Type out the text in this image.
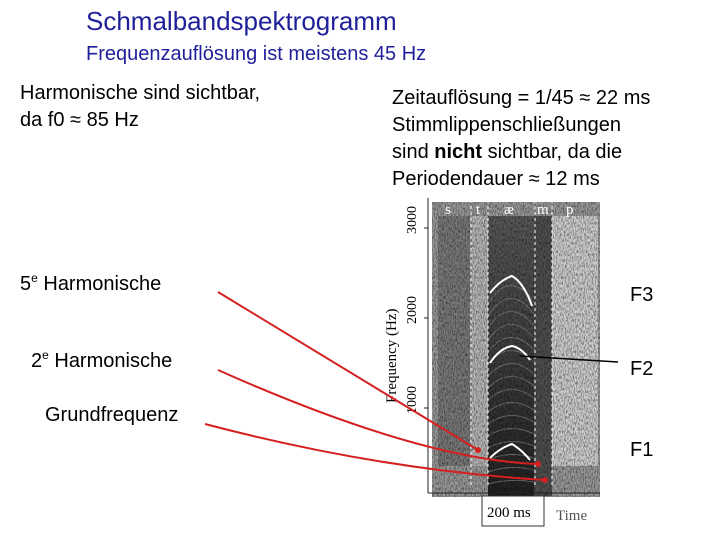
Schmalbandspektrogramm
Frequenzauflösung ist meistens 45 Hz
Harmonische sind sichtbar,
da f0 ≈ 85 Hz
Zeitauflösung = 1/45 ≈ 22 ms
Stimmlippenschließungen
sind nicht sichtbar, da die
Periodendauer ≈ 12 ms
3000
2000
1000
Frequency (Hz)
s t æ m p
200 ms Time
5e Harmonische
2e Harmonische
Grundfrequenz
F3
F2
F1
